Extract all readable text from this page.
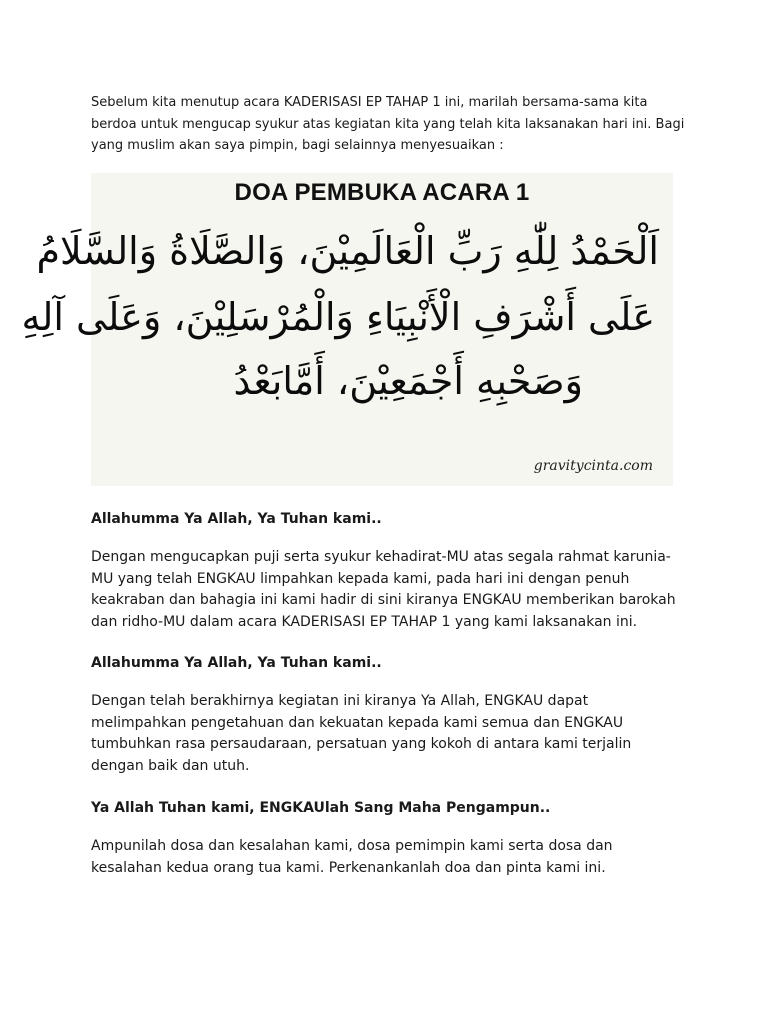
Sebelum kita menutup acara KADERISASI EP TAHAP 1 ini, marilah bersama-sama kita
berdoa untuk mengucap syukur atas kegiatan kita yang telah kita laksanakan hari ini. Bagi
yang muslim akan saya pimpin, bagi selainnya menyesuaikan :

DOA PEMBUKA ACARA 1
اَلْحَمْدُ لِلّٰهِ رَبِّ الْعَالَمِيْنَ، وَالصَّلَاةُ وَالسَّلَامُ
عَلَى أَشْرَفِ الْأَنْبِيَاءِ وَالْمُرْسَلِيْنَ، وَعَلَى آلِهِ
وَصَحْبِهِ أَجْمَعِيْنَ، أَمَّابَعْدُ
gravitycinta.com

Allahumma Ya Allah, Ya Tuhan kami..

Dengan mengucapkan puji serta syukur kehadirat-MU atas segala rahmat karunia-
MU yang telah ENGKAU limpahkan kepada kami, pada hari ini dengan penuh
keakraban dan bahagia ini kami hadir di sini kiranya ENGKAU memberikan barokah
dan ridho-MU dalam acara KADERISASI EP TAHAP 1 yang kami laksanakan ini.

Allahumma Ya Allah, Ya Tuhan kami..

Dengan telah berakhirnya kegiatan ini kiranya Ya Allah, ENGKAU dapat
melimpahkan pengetahuan dan kekuatan kepada kami semua dan ENGKAU
tumbuhkan rasa persaudaraan, persatuan yang kokoh di antara kami terjalin
dengan baik dan utuh.

Ya Allah Tuhan kami, ENGKAUlah Sang Maha Pengampun..

Ampunilah dosa dan kesalahan kami, dosa pemimpin kami serta dosa dan
kesalahan kedua orang tua kami. Perkenankanlah doa dan pinta kami ini.
